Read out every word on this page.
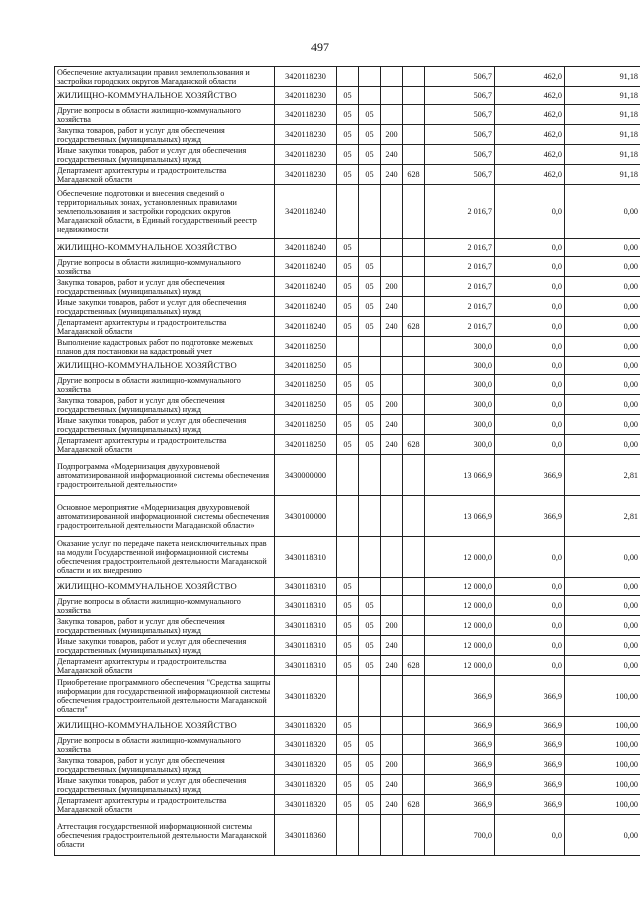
497
Обеспечение актуализации правил землепользования и застройки городских округов Магаданской области	3420118230					506,7	462,0	91,18
ЖИЛИЩНО-КОММУНАЛЬНОЕ ХОЗЯЙСТВО	3420118230	05				506,7	462,0	91,18
Другие вопросы в области жилищно-коммунального хозяйства	3420118230	05	05			506,7	462,0	91,18
Закупка товаров, работ и услуг для обеспечения государственных (муниципальных) нужд	3420118230	05	05	200		506,7	462,0	91,18
Иные закупки товаров, работ и услуг для обеспечения государственных (муниципальных) нужд	3420118230	05	05	240		506,7	462,0	91,18
Департамент архитектуры и градостроительства Магаданской области	3420118230	05	05	240	628	506,7	462,0	91,18
Обеспечение подготовки и внесения сведений о территориальных зонах, установленных правилами землепользования и застройки городских округов Магаданской области, в Единый государственный реестр недвижимости	3420118240					2 016,7	0,0	0,00
ЖИЛИЩНО-КОММУНАЛЬНОЕ ХОЗЯЙСТВО	3420118240	05				2 016,7	0,0	0,00
Другие вопросы в области жилищно-коммунального хозяйства	3420118240	05	05			2 016,7	0,0	0,00
Закупка товаров, работ и услуг для обеспечения государственных (муниципальных) нужд	3420118240	05	05	200		2 016,7	0,0	0,00
Иные закупки товаров, работ и услуг для обеспечения государственных (муниципальных) нужд	3420118240	05	05	240		2 016,7	0,0	0,00
Департамент архитектуры и градостроительства Магаданской области	3420118240	05	05	240	628	2 016,7	0,0	0,00
Выполнение кадастровых работ по подготовке межевых планов для постановки на кадастровый учет	3420118250					300,0	0,0	0,00
ЖИЛИЩНО-КОММУНАЛЬНОЕ ХОЗЯЙСТВО	3420118250	05				300,0	0,0	0,00
Другие вопросы в области жилищно-коммунального хозяйства	3420118250	05	05			300,0	0,0	0,00
Закупка товаров, работ и услуг для обеспечения государственных (муниципальных) нужд	3420118250	05	05	200		300,0	0,0	0,00
Иные закупки товаров, работ и услуг для обеспечения государственных (муниципальных) нужд	3420118250	05	05	240		300,0	0,0	0,00
Департамент архитектуры и градостроительства Магаданской области	3420118250	05	05	240	628	300,0	0,0	0,00
Подпрограмма «Модернизация двухуровневой автоматизированной информационной системы обеспечения градостроительной деятельности»	3430000000					13 066,9	366,9	2,81
Основное мероприятие «Модернизация двухуровневой автоматизированной информационной системы обеспечения градостроительной деятельности Магаданской области»	3430100000					13 066,9	366,9	2,81
Оказание услуг по передаче пакета неисключительных прав на модули Государственной информационной системы обеспечения градостроительной деятельности Магаданской области и их внедрению	3430118310					12 000,0	0,0	0,00
ЖИЛИЩНО-КОММУНАЛЬНОЕ ХОЗЯЙСТВО	3430118310	05				12 000,0	0,0	0,00
Другие вопросы в области жилищно-коммунального хозяйства	3430118310	05	05			12 000,0	0,0	0,00
Закупка товаров, работ и услуг для обеспечения государственных (муниципальных) нужд	3430118310	05	05	200		12 000,0	0,0	0,00
Иные закупки товаров, работ и услуг для обеспечения государственных (муниципальных) нужд	3430118310	05	05	240		12 000,0	0,0	0,00
Департамент архитектуры и градостроительства Магаданской области	3430118310	05	05	240	628	12 000,0	0,0	0,00
Приобретение программного обеспечения "Средства защиты информации для государственной информационной системы обеспечения градостроительной деятельности Магаданской области"	3430118320					366,9	366,9	100,00
ЖИЛИЩНО-КОММУНАЛЬНОЕ ХОЗЯЙСТВО	3430118320	05				366,9	366,9	100,00
Другие вопросы в области жилищно-коммунального хозяйства	3430118320	05	05			366,9	366,9	100,00
Закупка товаров, работ и услуг для обеспечения государственных (муниципальных) нужд	3430118320	05	05	200		366,9	366,9	100,00
Иные закупки товаров, работ и услуг для обеспечения государственных (муниципальных) нужд	3430118320	05	05	240		366,9	366,9	100,00
Департамент архитектуры и градостроительства Магаданской области	3430118320	05	05	240	628	366,9	366,9	100,00
Аттестация государственной информационной системы обеспечения градостроительной деятельности Магаданской области	3430118360					700,0	0,0	0,00
